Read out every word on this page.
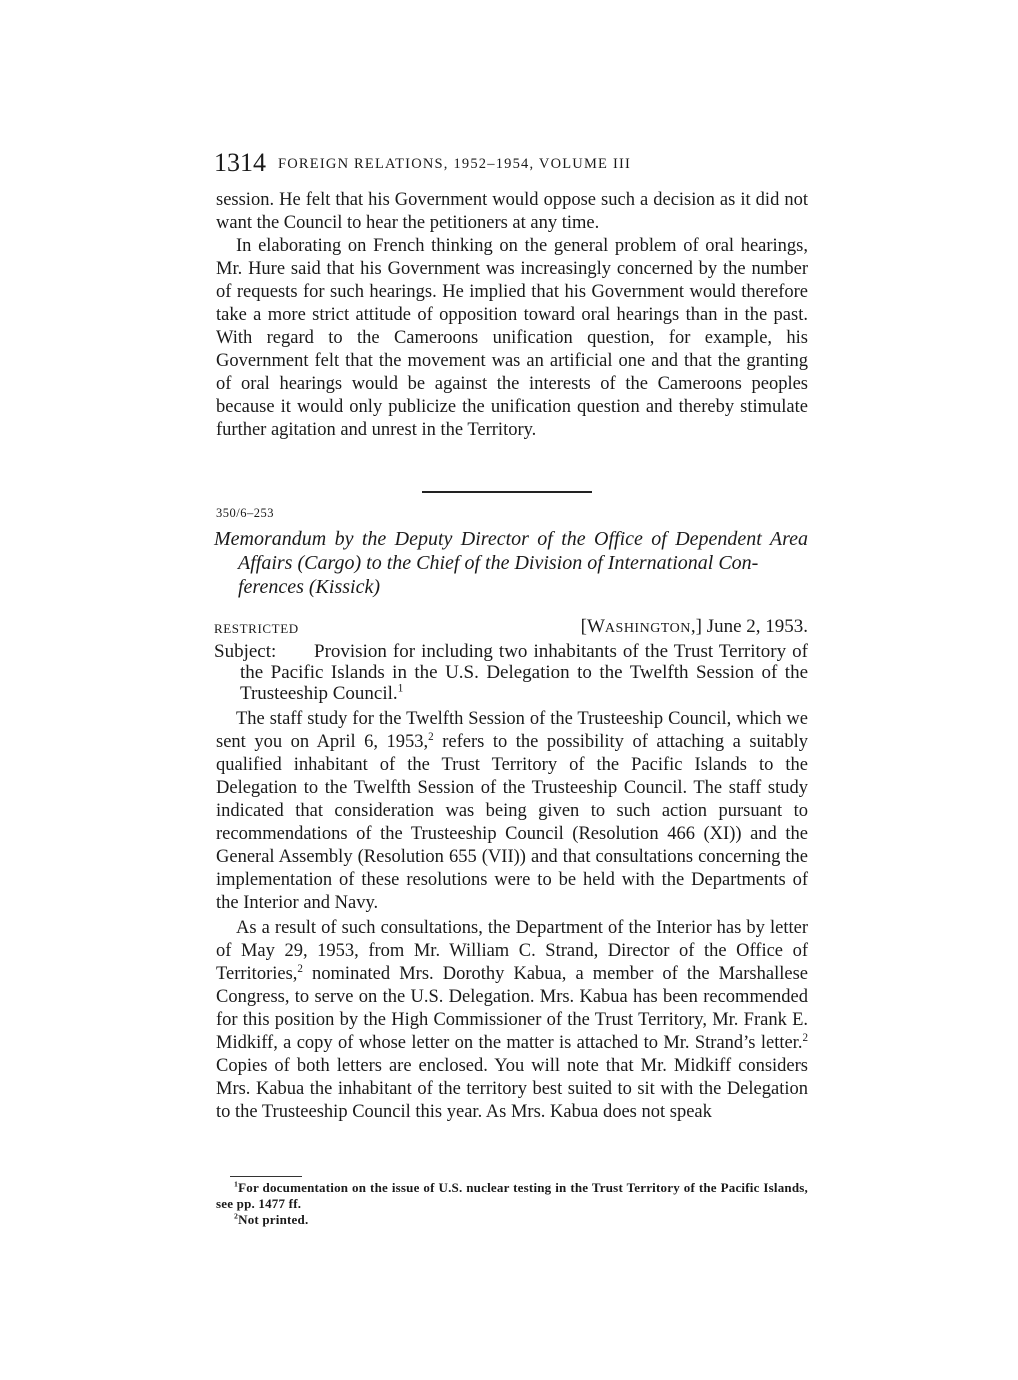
1314 FOREIGN RELATIONS, 1952–1954, VOLUME III

session. He felt that his Government would oppose such a decision as it did not want the Council to hear the petitioners at any time.

In elaborating on French thinking on the general problem of oral hearings, Mr. Hure said that his Government was increasingly concerned by the number of requests for such hearings. He implied that his Government would therefore take a more strict attitude of opposition toward oral hearings than in the past. With regard to the Cameroons unification question, for example, his Government felt that the movement was an artificial one and that the granting of oral hearings would be against the interests of the Cameroons peoples because it would only publicize the unification question and thereby stimulate further agitation and unrest in the Territory.

350/6–253

Memorandum by the Deputy Director of the Office of Dependent Area
Affairs (Cargo) to the Chief of the Division of International Con-
ferences (Kissick)

RESTRICTED	[WASHINGTON,] June 2, 1953.
Subject:	Provision for including two inhabitants of the Trust Territory of the Pacific Islands in the U.S. Delegation to the Twelfth Session of the Trusteeship Council.$^1$

The staff study for the Twelfth Session of the Trusteeship Council, which we sent you on April 6, 1953,$^2$ refers to the possibility of attaching a suitably qualified inhabitant of the Trust Territory of the Pacific Islands to the Delegation to the Twelfth Session of the Trusteeship Council. The staff study indicated that consideration was being given to such action pursuant to recommendations of the Trusteeship Council (Resolution 466 (XI)) and the General Assembly (Resolution 655 (VII)) and that consultations concerning the implementation of these resolutions were to be held with the Departments of the Interior and Navy.

As a result of such consultations, the Department of the Interior has by letter of May 29, 1953, from Mr. William C. Strand, Director of the Office of Territories,$^2$ nominated Mrs. Dorothy Kabua, a member of the Marshallese Congress, to serve on the U.S. Delegation. Mrs. Kabua has been recommended for this position by the High Commissioner of the Trust Territory, Mr. Frank E. Midkiff, a copy of whose letter on the matter is attached to Mr. Strand’s letter.$^2$ Copies of both letters are enclosed. You will note that Mr. Midkiff considers Mrs. Kabua the inhabitant of the territory best suited to sit with the Delegation to the Trusteeship Council this year. As Mrs. Kabua does not speak

$^1$For documentation on the issue of U.S. nuclear testing in the Trust Territory of the Pacific Islands, see pp. 1477 ff.

$^2$Not printed.
